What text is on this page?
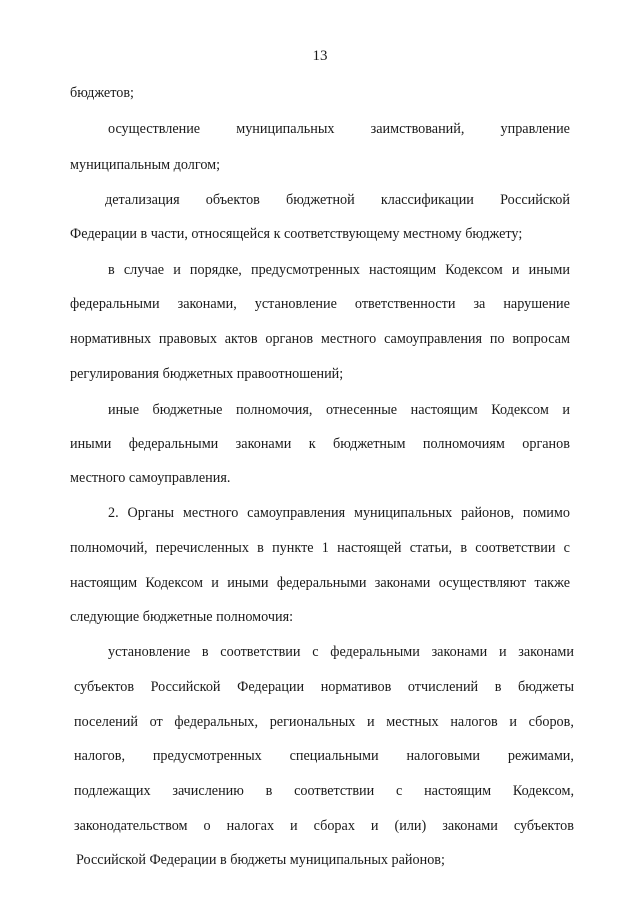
13
бюджетов;
осуществление	муниципальных	заимствований,	управление
муниципальным долгом;
детализация объектов бюджетной классификации Российской
Федерации в части, относящейся к соответствующему местному бюджету;
в случае и порядке, предусмотренных настоящим Кодексом и иными
федеральными законами, установление ответственности за нарушение
нормативных правовых актов органов местного самоуправления по вопросам
регулирования бюджетных правоотношений;
иные бюджетные полномочия, отнесенные настоящим Кодексом и
иными федеральными законами к бюджетным полномочиям органов
местного самоуправления.
2. Органы местного самоуправления муниципальных районов, помимо
полномочий, перечисленных в пункте 1 настоящей статьи, в соответствии с
настоящим Кодексом и иными федеральными законами осуществляют также
следующие бюджетные полномочия:
установление в соответствии с федеральными законами и законами
субъектов Российской Федерации нормативов отчислений в бюджеты
поселений от федеральных, региональных и местных налогов и сборов,
налогов, предусмотренных специальными налоговыми режимами,
подлежащих зачислению в соответствии с настоящим Кодексом,
законодательством о налогах и сборах и (или) законами субъектов
Российской Федерации в бюджеты муниципальных районов;
